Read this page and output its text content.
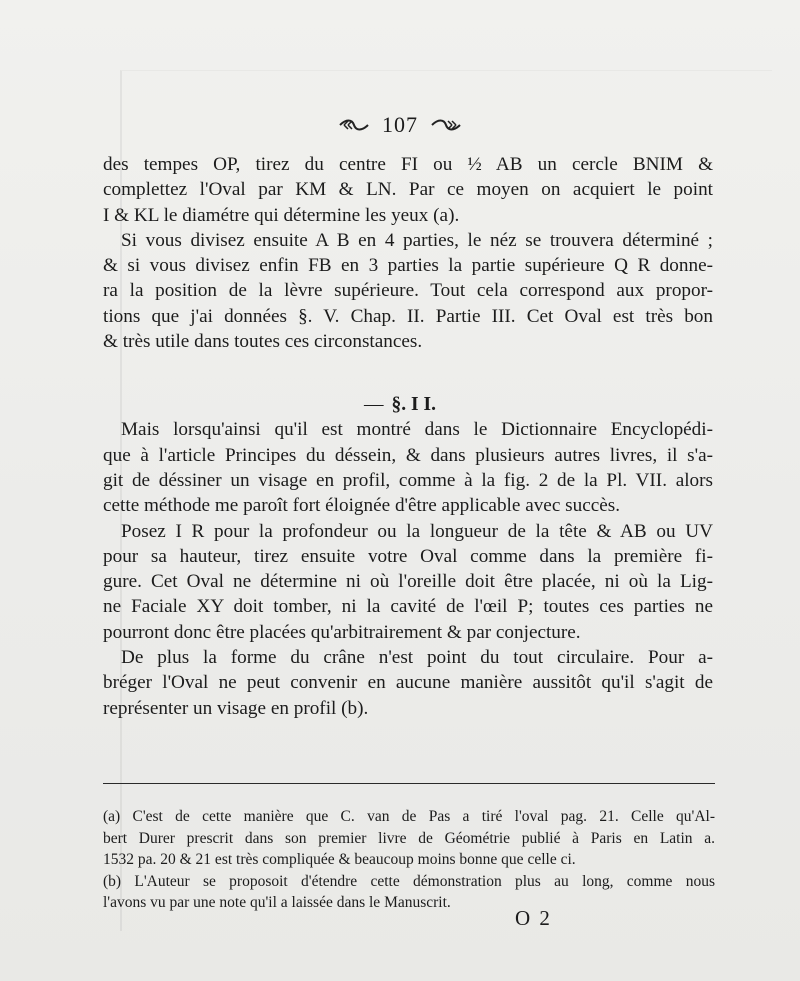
107
des tempes OP, tirez du centre FI ou ½ AB un cercle BNIM &
complettez l'Oval par KM & LN. Par ce moyen on acquiert le point
I & KL le diamétre qui détermine les yeux (a).
Si vous divisez ensuite A B en 4 parties, le néz se trouvera déterminé ;
& si vous divisez enfin FB en 3 parties la partie supérieure Q R donne-
ra la position de la lèvre supérieure. Tout cela correspond aux propor-
tions que j'ai données §. V. Chap. II. Partie III. Cet Oval est très bon
& très utile dans toutes ces circonstances.
Mais lorsqu'ainsi qu'il est montré dans le Dictionnaire Encyclopédi-
que à l'article Principes du déssein, & dans plusieurs autres livres, il s'a-
git de déssiner un visage en profil, comme à la fig. 2 de la Pl. VII. alors
cette méthode me paroît fort éloignée d'être applicable avec succès.
Posez I R pour la profondeur ou la longueur de la tête & AB ou UV
pour sa hauteur, tirez ensuite votre Oval comme dans la première fi-
gure. Cet Oval ne détermine ni où l'oreille doit être placée, ni où la Lig-
ne Faciale XY doit tomber, ni la cavité de l'œil P; toutes ces parties ne
pourront donc être placées qu'arbitrairement & par conjecture.
De plus la forme du crâne n'est point du tout circulaire. Pour a-
bréger l'Oval ne peut convenir en aucune manière aussitôt qu'il s'agit de
représenter un visage en profil (b).
— §. I I.
(a) C'est de cette manière que C. van de Pas a tiré l'oval pag. 21. Celle qu'Al-
bert Durer prescrit dans son premier livre de Géométrie publié à Paris en Latin a.
1532 pa. 20 & 21 est très compliquée & beaucoup moins bonne que celle ci.
(b) L'Auteur se proposoit d'étendre cette démonstration plus au long, comme nous
l'avons vu par une note qu'il a laissée dans le Manuscrit.
O 2
